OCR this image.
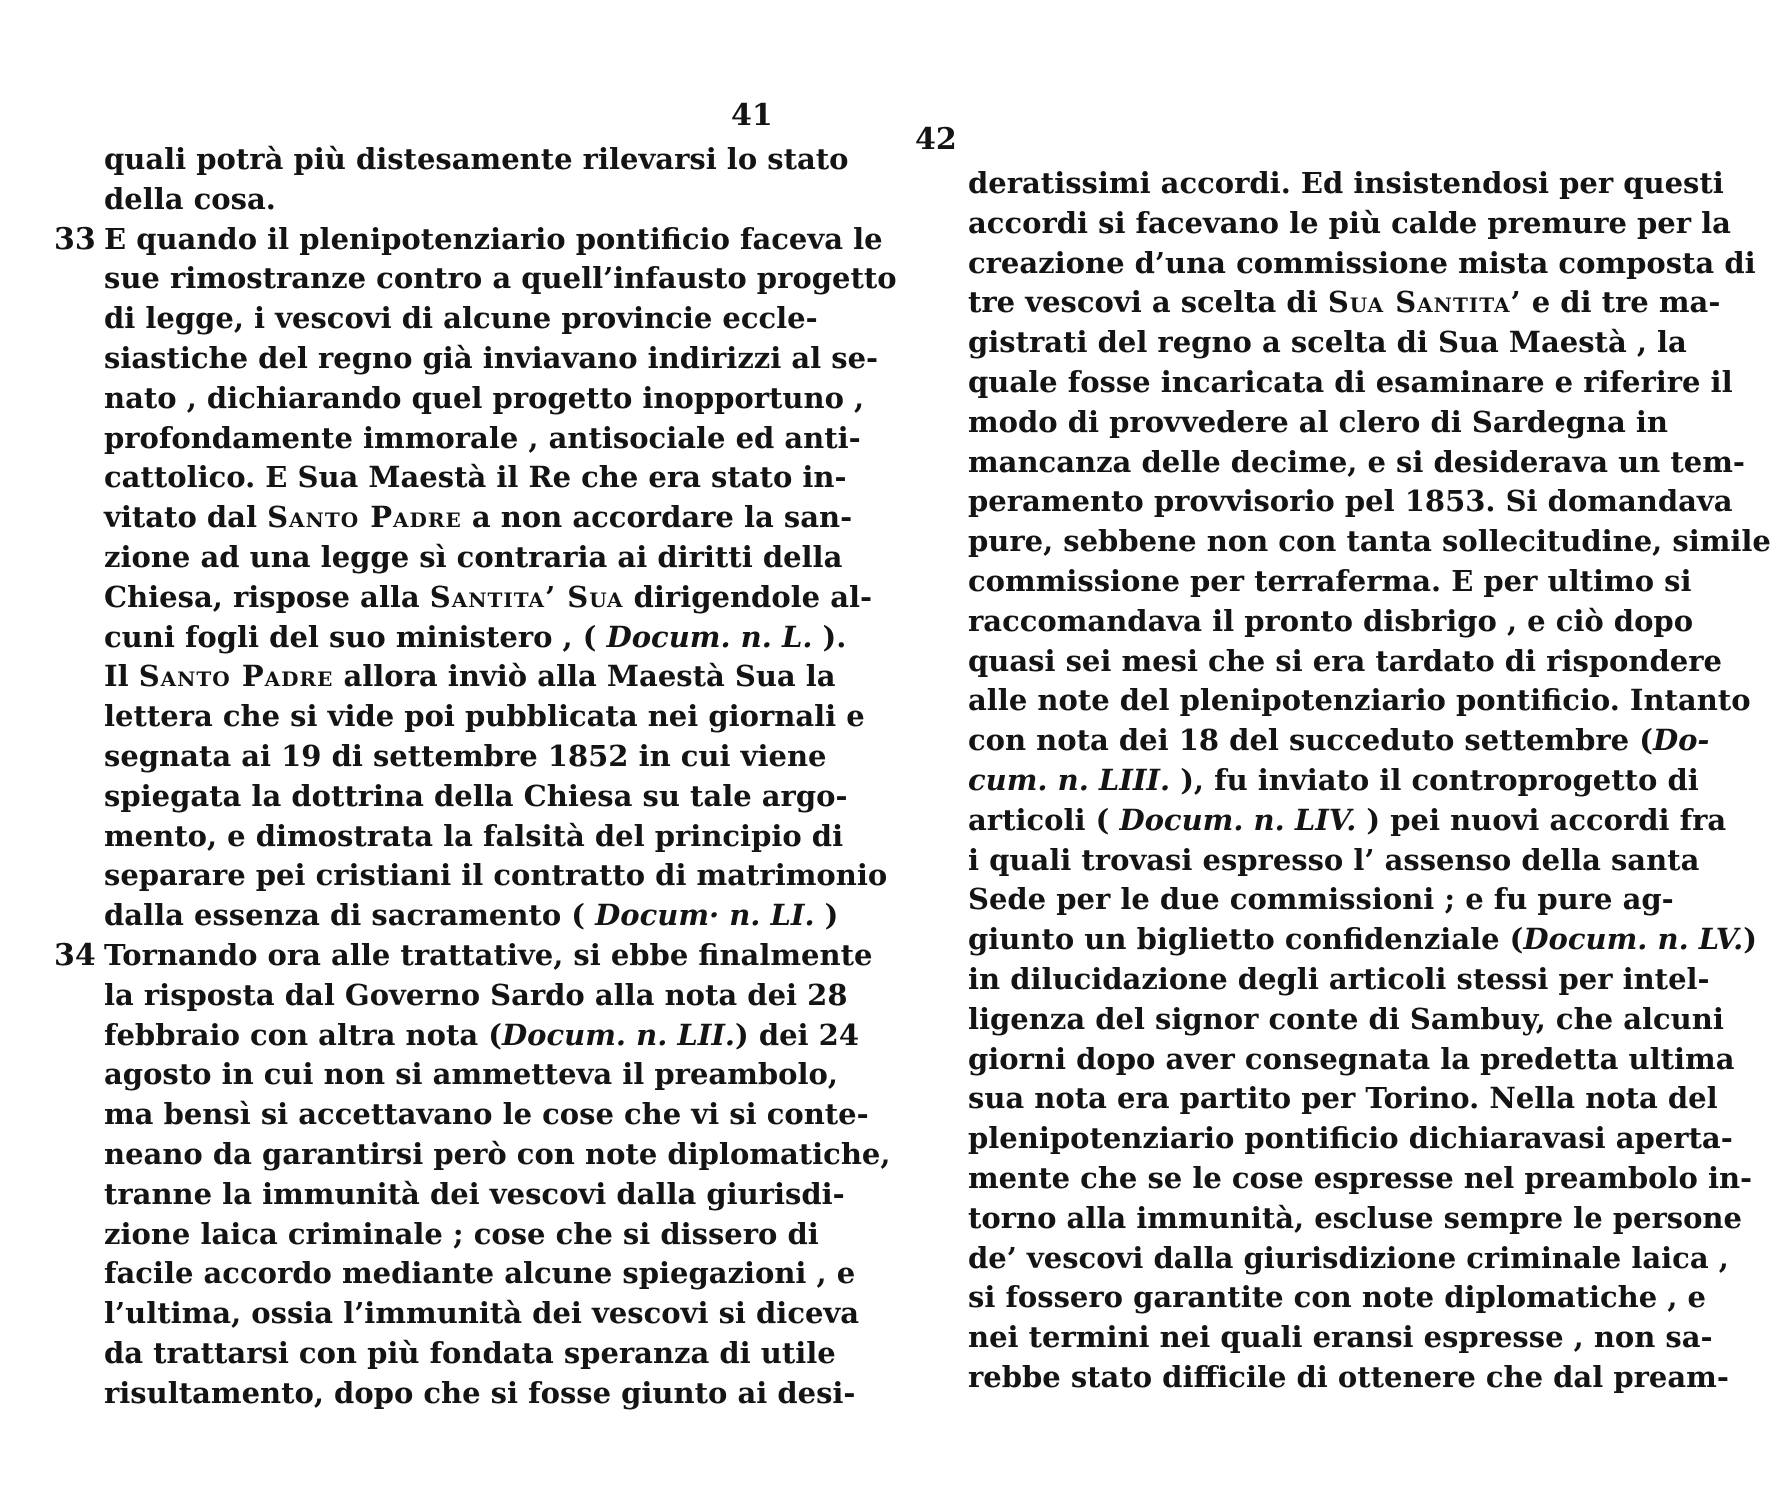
41
quali potrà più distesamente rilevarsi lo stato
della cosa.
33 E quando il plenipotenziario pontificio faceva le
sue rimostranze contro a quell’infausto progetto
di legge, i vescovi di alcune provincie eccle-
siastiche del regno già inviavano indirizzi al se-
nato , dichiarando quel progetto inopportuno ,
profondamente immorale , antisociale ed anti-
cattolico. E Sua Maestà il Re che era stato in-
vitato dal Santo Padre a non accordare la san-
zione ad una legge sì contraria ai diritti della
Chiesa, rispose alla Santita’ Sua dirigendole al-
cuni fogli del suo ministero , ( Docum. n. L. ).
Il Santo Padre allora inviò alla Maestà Sua la
lettera che si vide poi pubblicata nei giornali e
segnata ai 19 di settembre 1852 in cui viene
spiegata la dottrina della Chiesa su tale argo-
mento, e dimostrata la falsità del principio di
separare pei cristiani il contratto di matrimonio
dalla essenza di sacramento ( Docum· n. LI. )
34 Tornando ora alle trattative, si ebbe finalmente
la risposta dal Governo Sardo alla nota dei 28
febbraio con altra nota (Docum. n. LII.) dei 24
agosto in cui non si ammetteva il preambolo,
ma bensì si accettavano le cose che vi si conte-
neano da garantirsi però con note diplomatiche,
tranne la immunità dei vescovi dalla giurisdi-
zione laica criminale ; cose che si dissero di
facile accordo mediante alcune spiegazioni , e
l’ultima, ossia l’immunità dei vescovi si diceva
da trattarsi con più fondata speranza di utile
risultamento, dopo che si fosse giunto ai desi-
42
deratissimi accordi. Ed insistendosi per questi
accordi si facevano le più calde premure per la
creazione d’una commissione mista composta di
tre vescovi a scelta di Sua Santita’ e di tre ma-
gistrati del regno a scelta di Sua Maestà , la
quale fosse incaricata di esaminare e riferire il
modo di provvedere al clero di Sardegna in
mancanza delle decime, e si desiderava un tem-
peramento provvisorio pel 1853. Si domandava
pure, sebbene non con tanta sollecitudine, simile
commissione per terraferma. E per ultimo si
raccomandava il pronto disbrigo , e ciò dopo
quasi sei mesi che si era tardato di rispondere
alle note del plenipotenziario pontificio. Intanto
con nota dei 18 del succeduto settembre (Do-
cum. n. LIII. ), fu inviato il controprogetto di
articoli ( Docum. n. LIV. ) pei nuovi accordi fra
i quali trovasi espresso l’ assenso della santa
Sede per le due commissioni ; e fu pure ag-
giunto un biglietto confidenziale (Docum. n. LV.)
in dilucidazione degli articoli stessi per intel-
ligenza del signor conte di Sambuy, che alcuni
giorni dopo aver consegnata la predetta ultima
sua nota era partito per Torino. Nella nota del
plenipotenziario pontificio dichiaravasi aperta-
mente che se le cose espresse nel preambolo in-
torno alla immunità, escluse sempre le persone
de’ vescovi dalla giurisdizione criminale laica ,
si fossero garantite con note diplomatiche , e
nei termini nei quali eransi espresse , non sa-
rebbe stato difficile di ottenere che dal pream-
